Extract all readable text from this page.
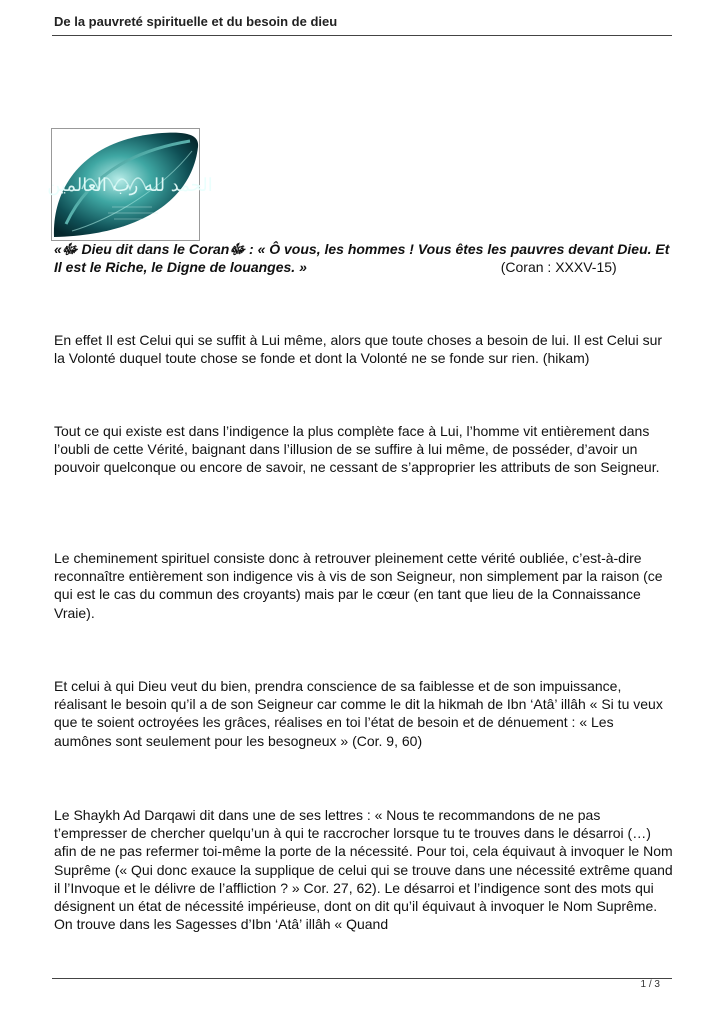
De la pauvreté spirituelle et du besoin de dieu
الحمد لله رب العالمين
«ﷻ Dieu dit dans le Coranﷻ : « Ô vous, les hommes ! Vous êtes les pauvres devant Dieu. Et Il est le Riche, le Digne de louanges. »	(Coran : XXXV-15)

En effet Il est Celui qui se suffit à Lui même, alors que toute choses a besoin de lui. Il est Celui sur la Volonté duquel toute chose se fonde et dont la Volonté ne se fonde sur rien. (hikam)

Tout ce qui existe est dans l’indigence la plus complète face à Lui, l’homme vit entièrement dans l’oubli de cette Vérité, baignant dans l’illusion de se suffire à lui même, de posséder, d’avoir un pouvoir quelconque ou encore de savoir, ne cessant de s’approprier les attributs de son Seigneur.

Le cheminement spirituel consiste donc à retrouver pleinement cette vérité oubliée, c’est-à-dire reconnaître entièrement son indigence vis à vis de son Seigneur, non simplement par la raison (ce qui est le cas du commun des croyants) mais par le cœur (en tant que lieu de la Connaissance Vraie).

Et celui à qui Dieu veut du bien, prendra conscience de sa faiblesse et de son impuissance, réalisant le besoin qu’il a de son Seigneur car comme le dit la hikmah de Ibn ‘Atâ’ illâh « Si tu veux que te soient octroyées les grâces, réalises en toi l’état de besoin et de dénuement : « Les aumônes sont seulement pour les besogneux » (Cor. 9, 60)

Le Shaykh Ad Darqawi dit dans une de ses lettres : « Nous te recommandons de ne pas t’empresser de chercher quelqu’un à qui te raccrocher lorsque tu te trouves dans le désarroi (…) afin de ne pas refermer toi-même la porte de la nécessité. Pour toi, cela équivaut à invoquer le Nom Suprême (« Qui donc exauce la supplique de celui qui se trouve dans une nécessité extrême quand il l’Invoque et le délivre de l’affliction ? » Cor. 27, 62). Le désarroi et l’indigence sont des mots qui désignent un état de nécessité impérieuse, dont on dit qu’il équivaut à invoquer le Nom Suprême. On trouve dans les Sagesses d’Ibn ‘Atâ’ illâh « Quand

1 / 3
